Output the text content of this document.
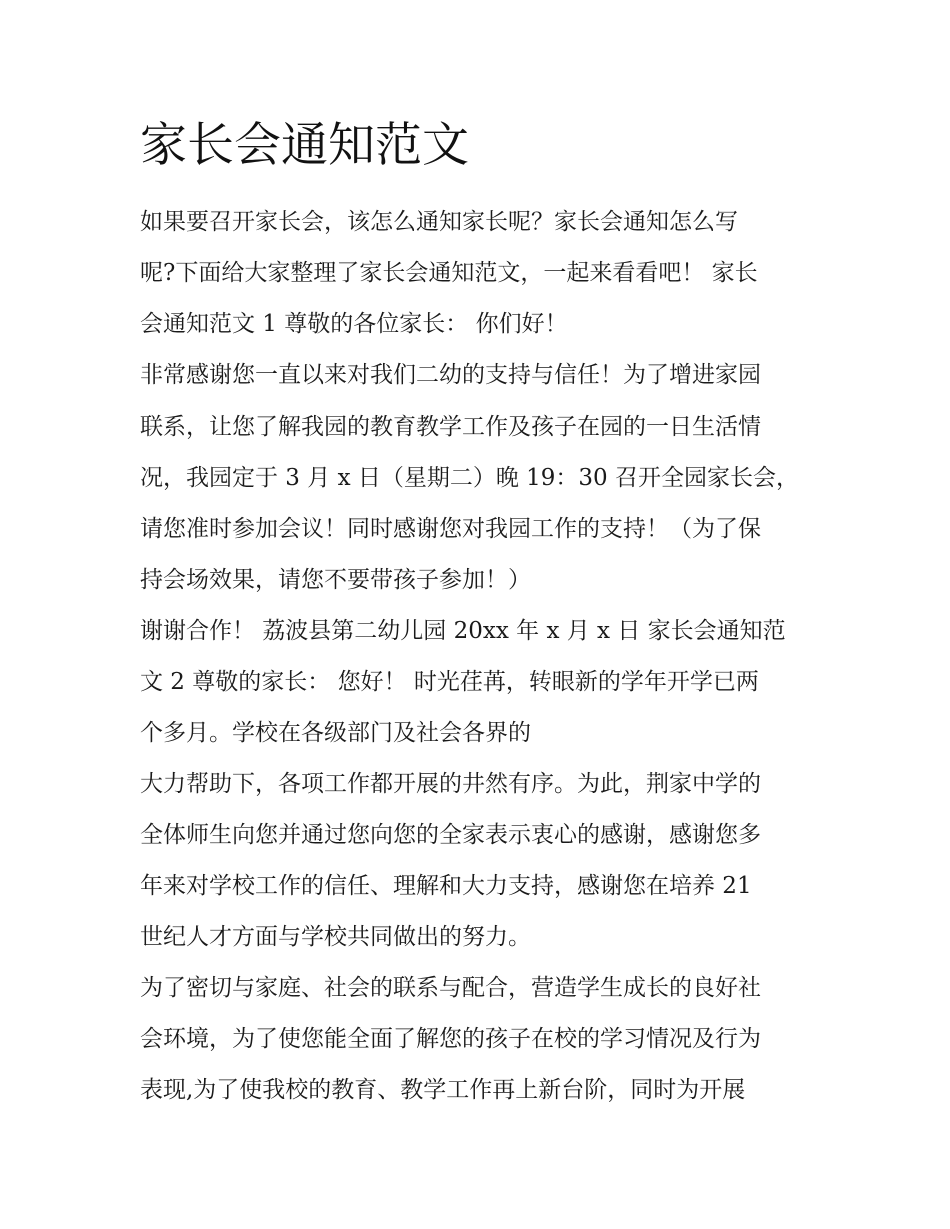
家长会通知范文
如果要召开家长会，该怎么通知家长呢？家长会通知怎么写
呢?下面给大家整理了家长会通知范文，一起来看看吧！ 家长
会通知范文 1 尊敬的各位家长： 你们好！
非常感谢您一直以来对我们二幼的支持与信任！为了增进家园
联系，让您了解我园的教育教学工作及孩子在园的一日生活情
况，我园定于 3 月 x 日（星期二）晚 19：30 召开全园家长会，
请您准时参加会议！同时感谢您对我园工作的支持！（为了保
持会场效果，请您不要带孩子参加！）
谢谢合作！ 荔波县第二幼儿园 20xx 年 x 月 x 日 家长会通知范
文 2 尊敬的家长： 您好！ 时光荏苒，转眼新的学年开学已两
个多月。学校在各级部门及社会各界的
大力帮助下，各项工作都开展的井然有序。为此，荆家中学的
全体师生向您并通过您向您的全家表示衷心的感谢，感谢您多
年来对学校工作的信任、理解和大力支持，感谢您在培养 21
世纪人才方面与学校共同做出的努力。
为了密切与家庭、社会的联系与配合，营造学生成长的良好社
会环境，为了使您能全面了解您的孩子在校的学习情况及行为
表现,为了使我校的教育、教学工作再上新台阶，同时为开展
